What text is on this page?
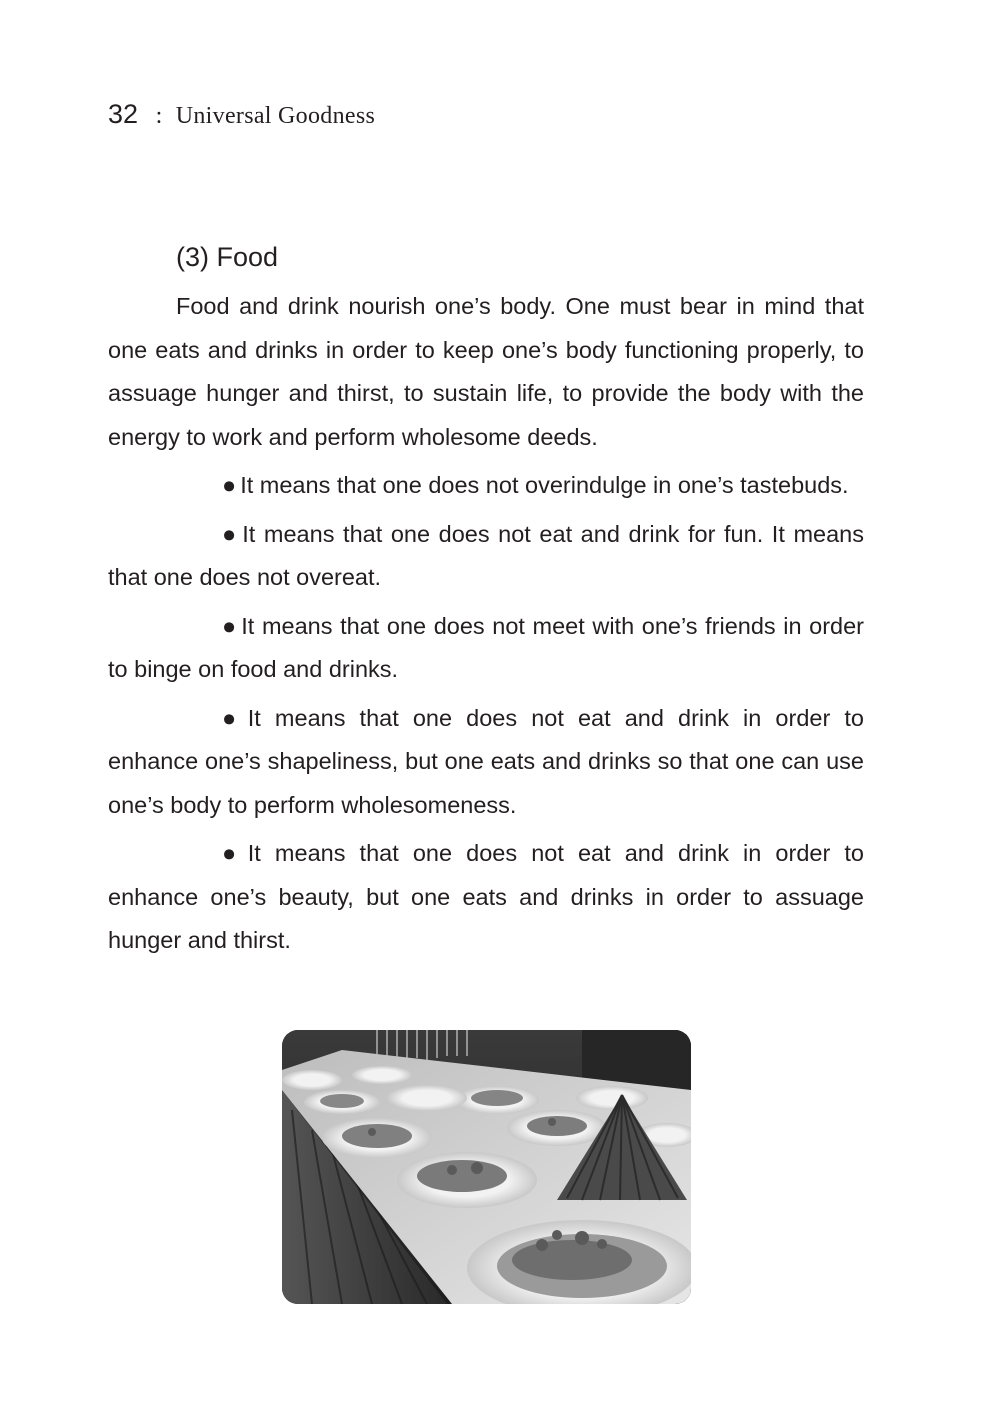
32 : Universal Goodness
(3) Food

Food and drink nourish one’s body. One must bear in mind that one eats and drinks in order to keep one’s body functioning properly, to assuage hunger and thirst, to sustain life, to provide the body with the energy to work and perform wholesome deeds.

● It means that one does not overindulge in one’s tastebuds.

● It means that one does not eat and drink for fun. It means that one does not overeat.

● It means that one does not meet with one’s friends in order to binge on food and drinks.

● It means that one does not eat and drink in order to enhance one’s shapeliness, but one eats and drinks so that one can use one’s body to perform wholesomeness.

● It means that one does not eat and drink in order to enhance one’s beauty, but one eats and drinks in order to assuage hunger and thirst.
